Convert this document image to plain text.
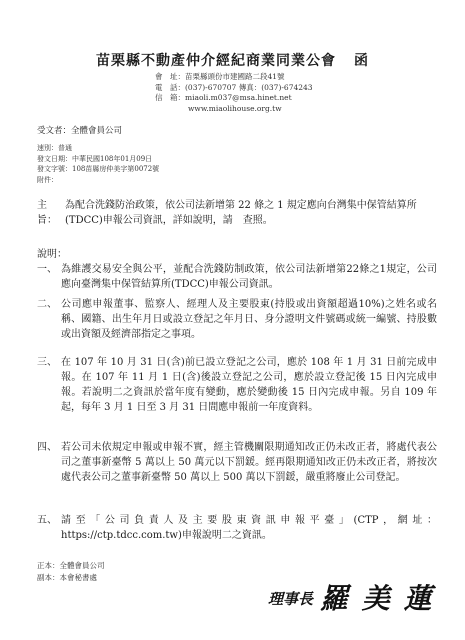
苗栗縣不動產仲介經紀商業同業公會 函
會　址：苗栗縣頭份市建國路二段41號
電　話：(037)-670707 傳真：(037)-674243
信　箱：miaoli.m037@msa.hinet.net
www.miaolihouse.org.tw
受文者：全體會員公司
速別：普通
發文日期：中華民國108年01月09日
發文字號：108苗縣房仲美字第0072號
附件：
主旨：
為配合洗錢防治政策，依公司法新增第 22 條之 1 規定應向台灣集中保管結算所(TDCC)申報公司資訊，詳如說明，請　查照。
說明：
一、 為維護交易安全與公平，並配合洗錢防制政策，依公司法新增第22條之1規定，公司應向臺灣集中保管結算所(TDCC)申報公司資訊。
二、 公司應申報董事、監察人、經理人及主要股東(持股或出資額超過10%)之姓名或名稱、國籍、出生年月日或設立登記之年月日、身分證明文件號碼或統一編號、持股數或出資額及經濟部指定之事項。
三、 在 107 年 10 月 31 日(含)前已設立登記之公司，應於 108 年 1 月 31 日前完成申報。在 107 年 11 月 1 日(含)後設立登記之公司，應於設立登記後 15 日內完成申報。若說明二之資訊於當年度有變動，應於變動後 15 日內完成申報。另自 109 年起，每年 3 月 1 日至 3 月 31 日間應申報前一年度資料。
四、 若公司未依規定申報或申報不實，經主管機關限期通知改正仍未改正者，將處代表公司之董事新臺幣 5 萬以上 50 萬元以下罰鍰。經再限期通知改正仍未改正者，將按次處代表公司之董事新臺幣 50 萬以上 500 萬以下罰鍰，嚴重將廢止公司登記。
五、 請至「公司負責人及主要股東資訊申報平臺」(CTP，網址：https://ctp.tdcc.com.tw)申報說明二之資訊。
正本：全體會員公司
副本：本會秘書處
理事長 羅 美 蓮
